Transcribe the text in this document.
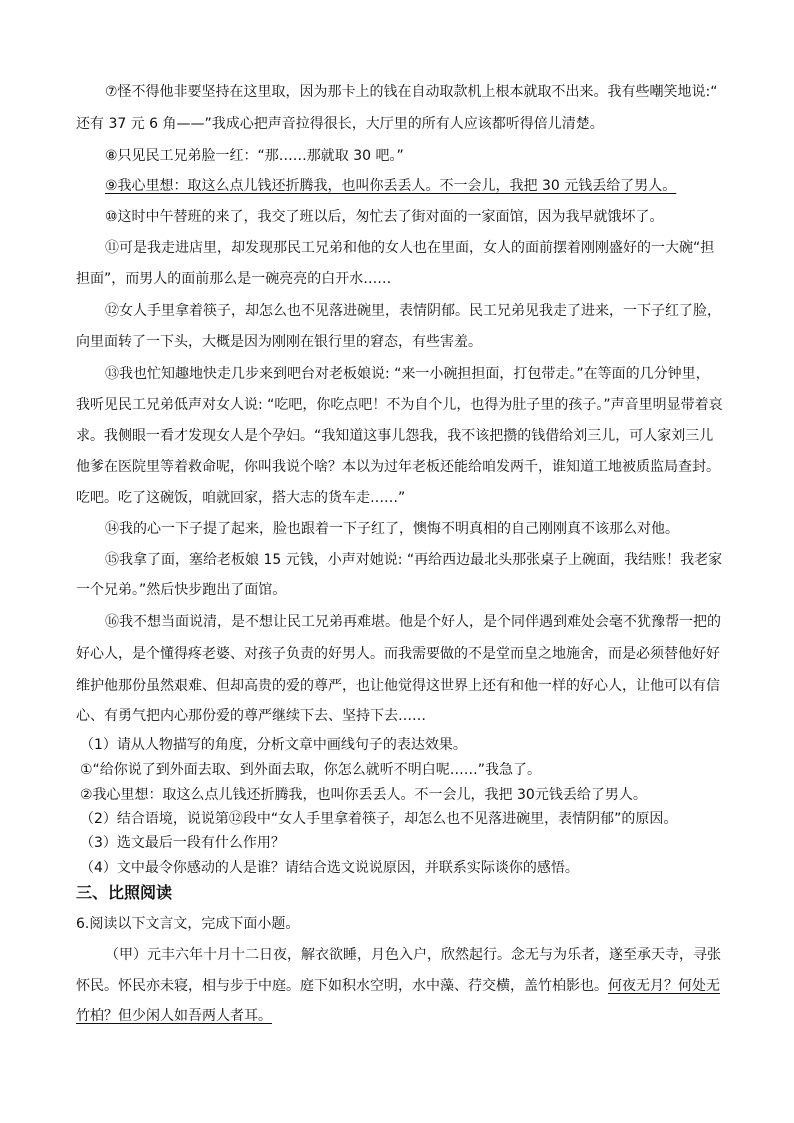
⑦怪不得他非要坚持在这里取，因为那卡上的钱在自动取款机上根本就取不出来。我有些嘲笑地说:“
还有 37 元 6 角——”我成心把声音拉得很长，大厅里的所有人应该都听得倍儿清楚。
⑧只见民工兄弟脸一红：“那……那就取 30 吧。”
⑨我心里想：取这么点儿钱还折腾我，也叫你丢丢人。不一会儿，我把 30 元钱丢给了男人。
⑩这时中午替班的来了，我交了班以后，匆忙去了街对面的一家面馆，因为我早就饿坏了。
⑪可是我走进店里，却发现那民工兄弟和他的女人也在里面，女人的面前摆着刚刚盛好的一大碗“担
担面”，而男人的面前那么是一碗亮亮的白开水……
⑫女人手里拿着筷子，却怎么也不见落进碗里，表情阴郁。民工兄弟见我走了进来，一下子红了脸，
向里面转了一下头，大概是因为刚刚在银行里的窘态，有些害羞。
⑬我也忙知趣地快走几步来到吧台对老板娘说: “来一小碗担担面，打包带走。”在等面的几分钟里，
我听见民工兄弟低声对女人说: “吃吧，你吃点吧！不为自个儿，也得为肚子里的孩子。”声音里明显带着哀
求。我侧眼一看才发现女人是个孕妇。“我知道这事儿怨我，我不该把攒的钱借给刘三儿，可人家刘三儿
他爹在医院里等着救命呢，你叫我说个啥？本以为过年老板还能给咱发两千，谁知道工地被质监局查封。
吃吧。吃了这碗饭，咱就回家，搭大志的货车走……”
⑭我的心一下子提了起来，脸也跟着一下子红了，懊悔不明真相的自己刚刚真不该那么对他。
⑮我拿了面，塞给老板娘 15 元钱，小声对她说: “再给西边最北头那张桌子上碗面，我结账！我老家
一个兄弟。”然后快步跑出了面馆。
⑯我不想当面说清，是不想让民工兄弟再难堪。他是个好人，是个同伴遇到难处会毫不犹豫帮一把的
好心人，是个懂得疼老婆、对孩子负责的好男人。而我需要做的不是堂而皇之地施舍，而是必须替他好好
维护他那份虽然艰难、但却高贵的爱的尊严，也让他觉得这世界上还有和他一样的好心人，让他可以有信
心、有勇气把内心那份爱的尊严继续下去、坚持下去……
（1）请从人物描写的角度，分析文章中画线句子的表达效果。
①“给你说了到外面去取、到外面去取，你怎么就听不明白呢……”我急了。
②我心里想：取这么点儿钱还折腾我，也叫你丢丢人。不一会儿，我把 30元钱丢给了男人。
（2）结合语境，说说第⑫段中“女人手里拿着筷子，却怎么也不见落进碗里，表情阴郁”的原因。
（3）选文最后一段有什么作用？
（4）文中最令你感动的人是谁？请结合选文说说原因，并联系实际谈你的感悟。
三、比照阅读
6.阅读以下文言文，完成下面小题。
（甲）元丰六年十月十二日夜，解衣欲睡，月色入户，欣然起行。念无与为乐者，遂至承天寺，寻张
怀民。怀民亦未寝，相与步于中庭。庭下如积水空明，水中藻、荇交横，盖竹柏影也。何夜无月？何处无
竹柏？但少闲人如吾两人者耳。
